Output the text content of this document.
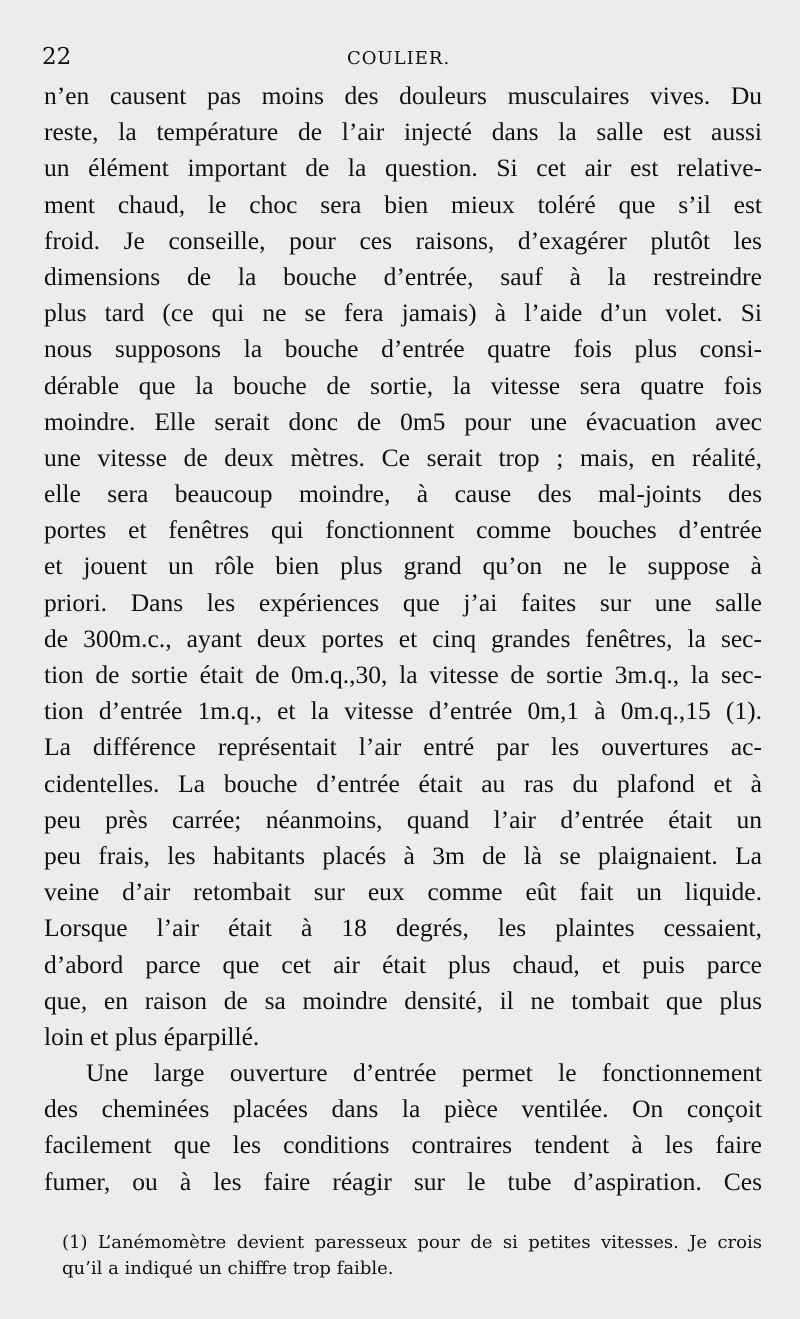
22	COULIER.
n’en causent pas moins des douleurs musculaires vives. Du
reste, la température de l’air injecté dans la salle est aussi
un élément important de la question. Si cet air est relative-
ment chaud, le choc sera bien mieux toléré que s’il est
froid. Je conseille, pour ces raisons, d’exagérer plutôt les
dimensions de la bouche d’entrée, sauf à la restreindre
plus tard (ce qui ne se fera jamais) à l’aide d’un volet. Si
nous supposons la bouche d’entrée quatre fois plus consi-
dérable que la bouche de sortie, la vitesse sera quatre fois
moindre. Elle serait donc de 0m5 pour une évacuation avec
une vitesse de deux mètres. Ce serait trop ; mais, en réalité,
elle sera beaucoup moindre, à cause des mal-joints des
portes et fenêtres qui fonctionnent comme bouches d’entrée
et jouent un rôle bien plus grand qu’on ne le suppose à
priori. Dans les expériences que j’ai faites sur une salle
de 300m.c., ayant deux portes et cinq grandes fenêtres, la sec-
tion de sortie était de 0m.q.,30, la vitesse de sortie 3m.q., la sec-
tion d’entrée 1m.q., et la vitesse d’entrée 0m,1 à 0m.q.,15 (1).
La différence représentait l’air entré par les ouvertures ac-
cidentelles. La bouche d’entrée était au ras du plafond et à
peu près carrée; néanmoins, quand l’air d’entrée était un
peu frais, les habitants placés à 3m de là se plaignaient. La
veine d’air retombait sur eux comme eût fait un liquide.
Lorsque l’air était à 18 degrés, les plaintes cessaient,
d’abord parce que cet air était plus chaud, et puis parce
que, en raison de sa moindre densité, il ne tombait que plus
loin et plus éparpillé.
Une large ouverture d’entrée permet le fonctionnement
des cheminées placées dans la pièce ventilée. On conçoit
facilement que les conditions contraires tendent à les faire
fumer, ou à les faire réagir sur le tube d’aspiration. Ces
(1) L’anémomètre devient paresseux pour de si petites vitesses. Je crois
qu’il a indiqué un chiffre trop faible.
